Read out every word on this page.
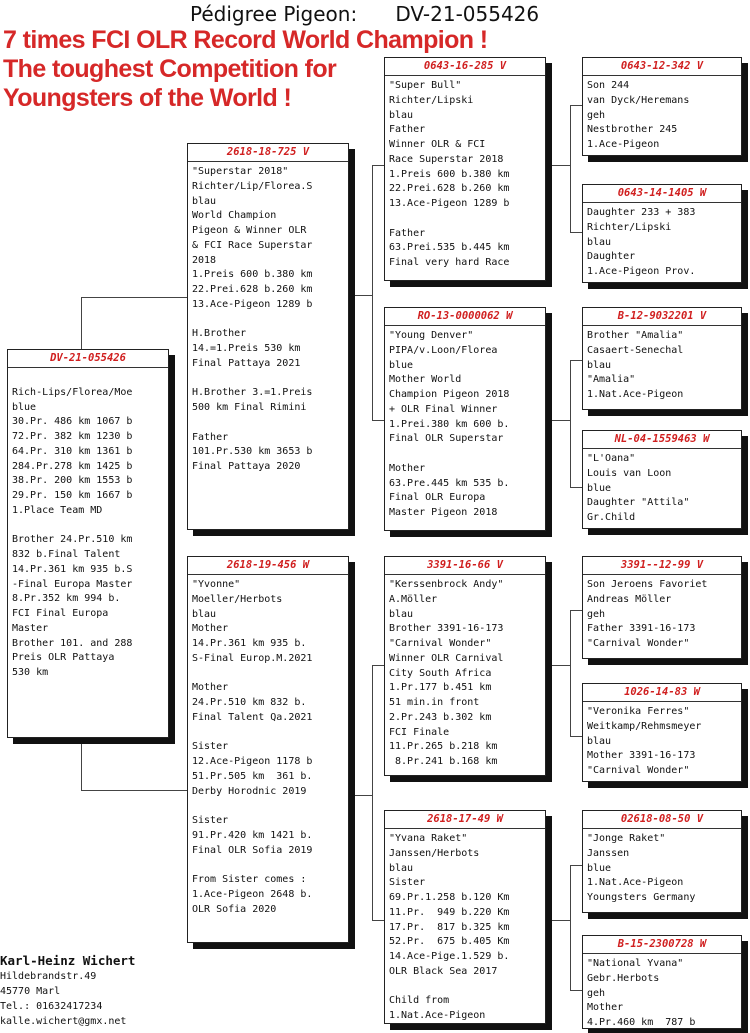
Pédigree Pigeon: DV-21-055426
7 times FCI OLR Record World Champion !
The toughest Competition for
Youngsters of the World !
DV-21-055426

Rich-Lips/Florea/Moe
blue
30.Pr. 486 km 1067 b
72.Pr. 382 km 1230 b
64.Pr. 310 km 1361 b
284.Pr.278 km 1425 b
38.Pr. 200 km 1553 b
29.Pr. 150 km 1667 b
1.Place Team MD

Brother 24.Pr.510 km
832 b.Final Talent
14.Pr.361 km 935 b.S
-Final Europa Master
8.Pr.352 km 994 b.
FCI Final Europa
Master
Brother 101. and 288
Preis OLR Pattaya
530 km
2618-18-725 V
"Superstar 2018"
Richter/Lip/Florea.S
blau
World Champion
Pigeon & Winner OLR
& FCI Race Superstar
2018
1.Preis 600 b.380 km
22.Prei.628 b.260 km
13.Ace-Pigeon 1289 b

H.Brother
14.=1.Preis 530 km
Final Pattaya 2021

H.Brother 3.=1.Preis
500 km Final Rimini

Father
101.Pr.530 km 3653 b
Final Pattaya 2020
2618-19-456 W
"Yvonne"
Moeller/Herbots
blau
Mother
14.Pr.361 km 935 b.
S-Final Europ.M.2021

Mother
24.Pr.510 km 832 b.
Final Talent Qa.2021

Sister
12.Ace-Pigeon 1178 b
51.Pr.505 km  361 b.
Derby Horodnic 2019

Sister
91.Pr.420 km 1421 b.
Final OLR Sofia 2019

From Sister comes :
1.Ace-Pigeon 2648 b.
OLR Sofia 2020
0643-16-285 V
"Super Bull"
Richter/Lipski
blau
Father
Winner OLR & FCI
Race Superstar 2018
1.Preis 600 b.380 km
22.Prei.628 b.260 km
13.Ace-Pigeon 1289 b

Father
63.Prei.535 b.445 km
Final very hard Race
RO-13-0000062 W
"Young Denver"
PIPA/v.Loon/Florea
blue
Mother World
Champion Pigeon 2018
+ OLR Final Winner
1.Prei.380 km 600 b.
Final OLR Superstar

Mother
63.Pre.445 km 535 b.
Final OLR Europa
Master Pigeon 2018
3391-16-66 V
"Kerssenbrock Andy"
A.Möller
blau
Brother 3391-16-173
"Carnival Wonder"
Winner OLR Carnival
City South Africa
1.Pr.177 b.451 km
51 min.in front
2.Pr.243 b.302 km
FCI Finale
11.Pr.265 b.218 km
8.Pr.241 b.168 km
2618-17-49 W
"Yvana Raket"
Janssen/Herbots
blau
Sister
69.Pr.1.258 b.120 Km
11.Pr.  949 b.220 Km
17.Pr.  817 b.325 km
52.Pr.  675 b.405 Km
14.Ace-Pige.1.529 b.
OLR Black Sea 2017

Child from
1.Nat.Ace-Pigeon
0643-12-342 V
Son 244
van Dyck/Heremans
geh
Nestbrother 245
1.Ace-Pigeon
0643-14-1405 W
Daughter 233 + 383
Richter/Lipski
blau
Daughter
1.Ace-Pigeon Prov.
B-12-9032201 V
Brother "Amalia"
Casaert-Senechal
blau
"Amalia"
1.Nat.Ace-Pigeon
NL-04-1559463 W
"L'Oana"
Louis van Loon
blue
Daughter "Attila"
Gr.Child
3391--12-99 V
Son Jeroens Favoriet
Andreas Möller
geh
Father 3391-16-173
"Carnival Wonder"
1026-14-83 W
"Veronika Ferres"
Weitkamp/Rehmsmeyer
blau
Mother 3391-16-173
"Carnival Wonder"
02618-08-50 V
"Jonge Raket"
Janssen
blue
1.Nat.Ace-Pigeon
Youngsters Germany
B-15-2300728 W
"National Yvana"
Gebr.Herbots
geh
Mother
4.Pr.460 km  787 b
Karl-Heinz Wichert
Hildebrandstr.49
45770 Marl
Tel.: 01632417234
kalle.wichert@gmx.net
